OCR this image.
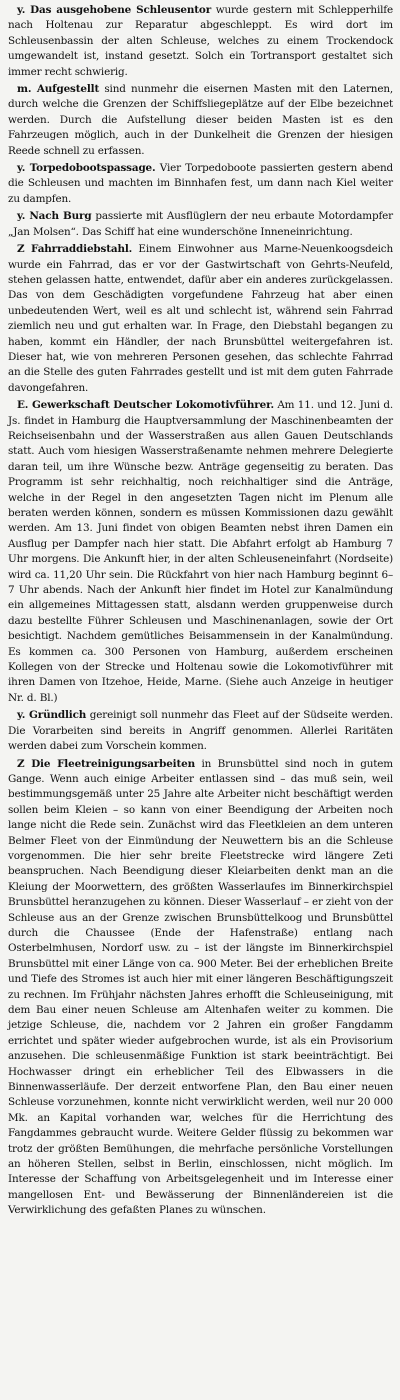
y. Das ausgehobene Schleusentor wurde gestern mit Schlepperhilfe nach Holtenau zur Reparatur abgeschleppt. Es wird dort im Schleusenbassin der alten Schleuse, welches zu einem Trockendock umgewandelt ist, instand gesetzt. Solch ein Tortransport gestaltet sich immer recht schwierig.

m. Aufgestellt sind nunmehr die eisernen Masten mit den Laternen, durch welche die Grenzen der Schiffsliegeplätze auf der Elbe bezeichnet werden. Durch die Aufstellung dieser beiden Masten ist es den Fahrzeugen möglich, auch in der Dunkelheit die Grenzen der hiesigen Reede schnell zu erfassen.

y. Torpedobootspassage. Vier Torpedoboote passierten gestern abend die Schleusen und machten im Binnhafen fest, um dann nach Kiel weiter zu dampfen.

y. Nach Burg passierte mit Ausflüglern der neu erbaute Motordampfer „Jan Molsen“. Das Schiff hat eine wunderschöne Inneneinrichtung.

Z Fahrraddiebstahl. Einem Einwohner aus Marne-Neuenkoogsdeich wurde ein Fahrrad, das er vor der Gastwirtschaft von Gehrts-Neufeld, stehen gelassen hatte, entwendet, dafür aber ein anderes zurückgelassen. Das von dem Geschädigten vorgefundene Fahrzeug hat aber einen unbedeutenden Wert, weil es alt und schlecht ist, während sein Fahrrad ziemlich neu und gut erhalten war. In Frage, den Diebstahl begangen zu haben, kommt ein Händler, der nach Brunsbüttel weitergefahren ist. Dieser hat, wie von mehreren Personen gesehen, das schlechte Fahrrad an die Stelle des guten Fahrrades gestellt und ist mit dem guten Fahrrade davongefahren.

E. Gewerkschaft Deutscher Lokomotivführer. Am 11. und 12. Juni d. Js. findet in Hamburg die Hauptversammlung der Maschinenbeamten der Reichseisenbahn und der Wasserstraßen aus allen Gauen Deutschlands statt. Auch vom hiesigen Wasserstraßenamte nehmen mehrere Delegierte daran teil, um ihre Wünsche bezw. Anträge gegenseitig zu beraten. Das Programm ist sehr reichhaltig, noch reichhaltiger sind die Anträge, welche in der Regel in den angesetzten Tagen nicht im Plenum alle beraten werden können, sondern es müssen Kommissionen dazu gewählt werden. Am 13. Juni findet von obigen Beamten nebst ihren Damen ein Ausflug per Dampfer nach hier statt. Die Abfahrt erfolgt ab Hamburg 7 Uhr morgens. Die Ankunft hier, in der alten Schleuseneinfahrt (Nordseite) wird ca. 11,20 Uhr sein. Die Rückfahrt von hier nach Hamburg beginnt 6–7 Uhr abends. Nach der Ankunft hier findet im Hotel zur Kanalmündung ein allgemeines Mittagessen statt, alsdann werden gruppenweise durch dazu bestellte Führer Schleusen und Maschinenanlagen, sowie der Ort besichtigt. Nachdem gemütliches Beisammensein in der Kanalmündung. Es kommen ca. 300 Personen von Hamburg, außerdem erscheinen Kollegen von der Strecke und Holtenau sowie die Lokomotivführer mit ihren Damen von Itzehoe, Heide, Marne. (Siehe auch Anzeige in heutiger Nr. d. Bl.)

y. Gründlich gereinigt soll nunmehr das Fleet auf der Südseite werden. Die Vorarbeiten sind bereits in Angriff genommen. Allerlei Raritäten werden dabei zum Vorschein kommen.

Z Die Fleetreinigungsarbeiten in Brunsbüttel sind noch in gutem Gange. Wenn auch einige Arbeiter entlassen sind – das muß sein, weil bestimmungsgemäß unter 25 Jahre alte Arbeiter nicht beschäftigt werden sollen beim Kleien – so kann von einer Beendigung der Arbeiten noch lange nicht die Rede sein. Zunächst wird das Fleetkleien an dem unteren Belmer Fleet von der Einmündung der Neuwettern bis an die Schleuse vorgenommen. Die hier sehr breite Fleetstrecke wird längere Zeti beanspruchen. Nach Beendigung dieser Kleiarbeiten denkt man an die Kleiung der Moorwettern, des größten Wasserlaufes im Binnerkirchspiel Brunsbüttel heranzugehen zu können. Dieser Wasserlauf – er zieht von der Schleuse aus an der Grenze zwischen Brunsbüttelkoog und Brunsbüttel durch die Chaussee (Ende der Hafenstraße) entlang nach Osterbelmhusen, Nordorf usw. zu – ist der längste im Binnerkirchspiel Brunsbüttel mit einer Länge von ca. 900 Meter. Bei der erheblichen Breite und Tiefe des Stromes ist auch hier mit einer längeren Beschäftigungszeit zu rechnen. Im Frühjahr nächsten Jahres erhofft die Schleuseinigung, mit dem Bau einer neuen Schleuse am Altenhafen weiter zu kommen. Die jetzige Schleuse, die, nachdem vor 2 Jahren ein großer Fangdamm errichtet und später wieder aufgebrochen wurde, ist als ein Provisorium anzusehen. Die schleusenmäßige Funktion ist stark beeinträchtigt. Bei Hochwasser dringt ein erheblicher Teil des Elbwassers in die Binnenwasserläufe. Der derzeit entworfene Plan, den Bau einer neuen Schleuse vorzunehmen, konnte nicht verwirklicht werden, weil nur 20 000 Mk. an Kapital vorhanden war, welches für die Herrichtung des Fangdammes gebraucht wurde. Weitere Gelder flüssig zu bekommen war trotz der größten Bemühungen, die mehrfache persönliche Vorstellungen an höheren Stellen, selbst in Berlin, einschlossen, nicht möglich. Im Interesse der Schaffung von Arbeitsgelegenheit und im Interesse einer mangellosen Ent- und Bewässerung der Binnenländereien ist die Verwirklichung des gefaßten Planes zu wünschen.
